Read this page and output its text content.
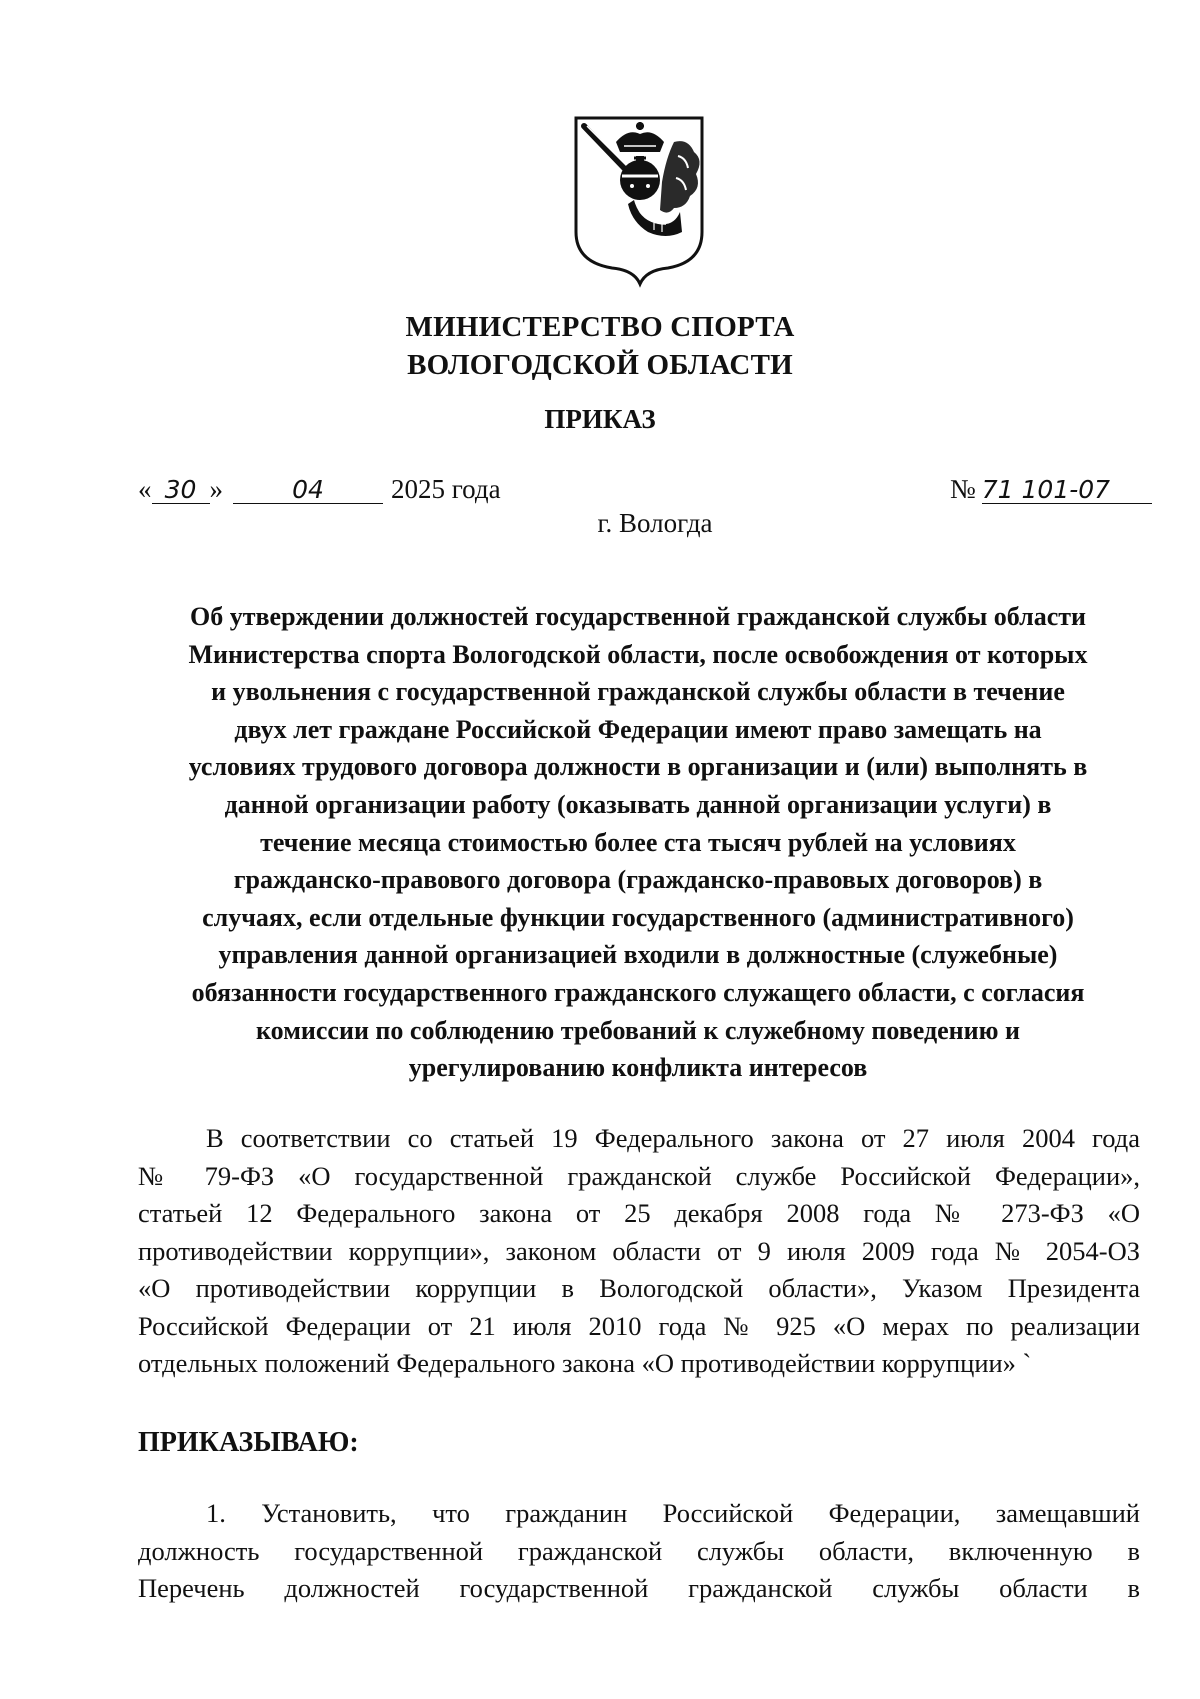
МИНИСТЕРСТВО СПОРТА
ВОЛОГОДСКОЙ ОБЛАСТИ
ПРИКАЗ
« 30 »	04 2025 года	№ 71 101-07
г. Вологда
Об утверждении должностей государственной гражданской службы области
Министерства спорта Вологодской области, после освобождения от которых
и увольнения с государственной гражданской службы области в течение
двух лет граждане Российской Федерации имеют право замещать на
условиях трудового договора должности в организации и (или) выполнять в
данной организации работу (оказывать данной организации услуги) в
течение месяца стоимостью более ста тысяч рублей на условиях
гражданско-правового договора (гражданско-правовых договоров) в
случаях, если отдельные функции государственного (административного)
управления данной организацией входили в должностные (служебные)
обязанности государственного гражданского служащего области, с согласия
комиссии по соблюдению требований к служебному поведению и
урегулированию конфликта интересов
В соответствии со статьей 19 Федерального закона от 27 июля 2004 года
№ 79-ФЗ «О государственной гражданской службе Российской Федерации»,
статьей 12 Федерального закона от 25 декабря 2008 года № 273-ФЗ «О
противодействии коррупции», законом области от 9 июля 2009 года № 2054-ОЗ
«О противодействии коррупции в Вологодской области», Указом Президента
Российской Федерации от 21 июля 2010 года № 925 «О мерах по реализации
отдельных положений Федерального закона «О противодействии коррупции» `
ПРИКАЗЫВАЮ:
1. Установить, что гражданин Российской Федерации, замещавший
должность государственной гражданской службы области, включенную в
Перечень должностей государственной гражданской службы области в
